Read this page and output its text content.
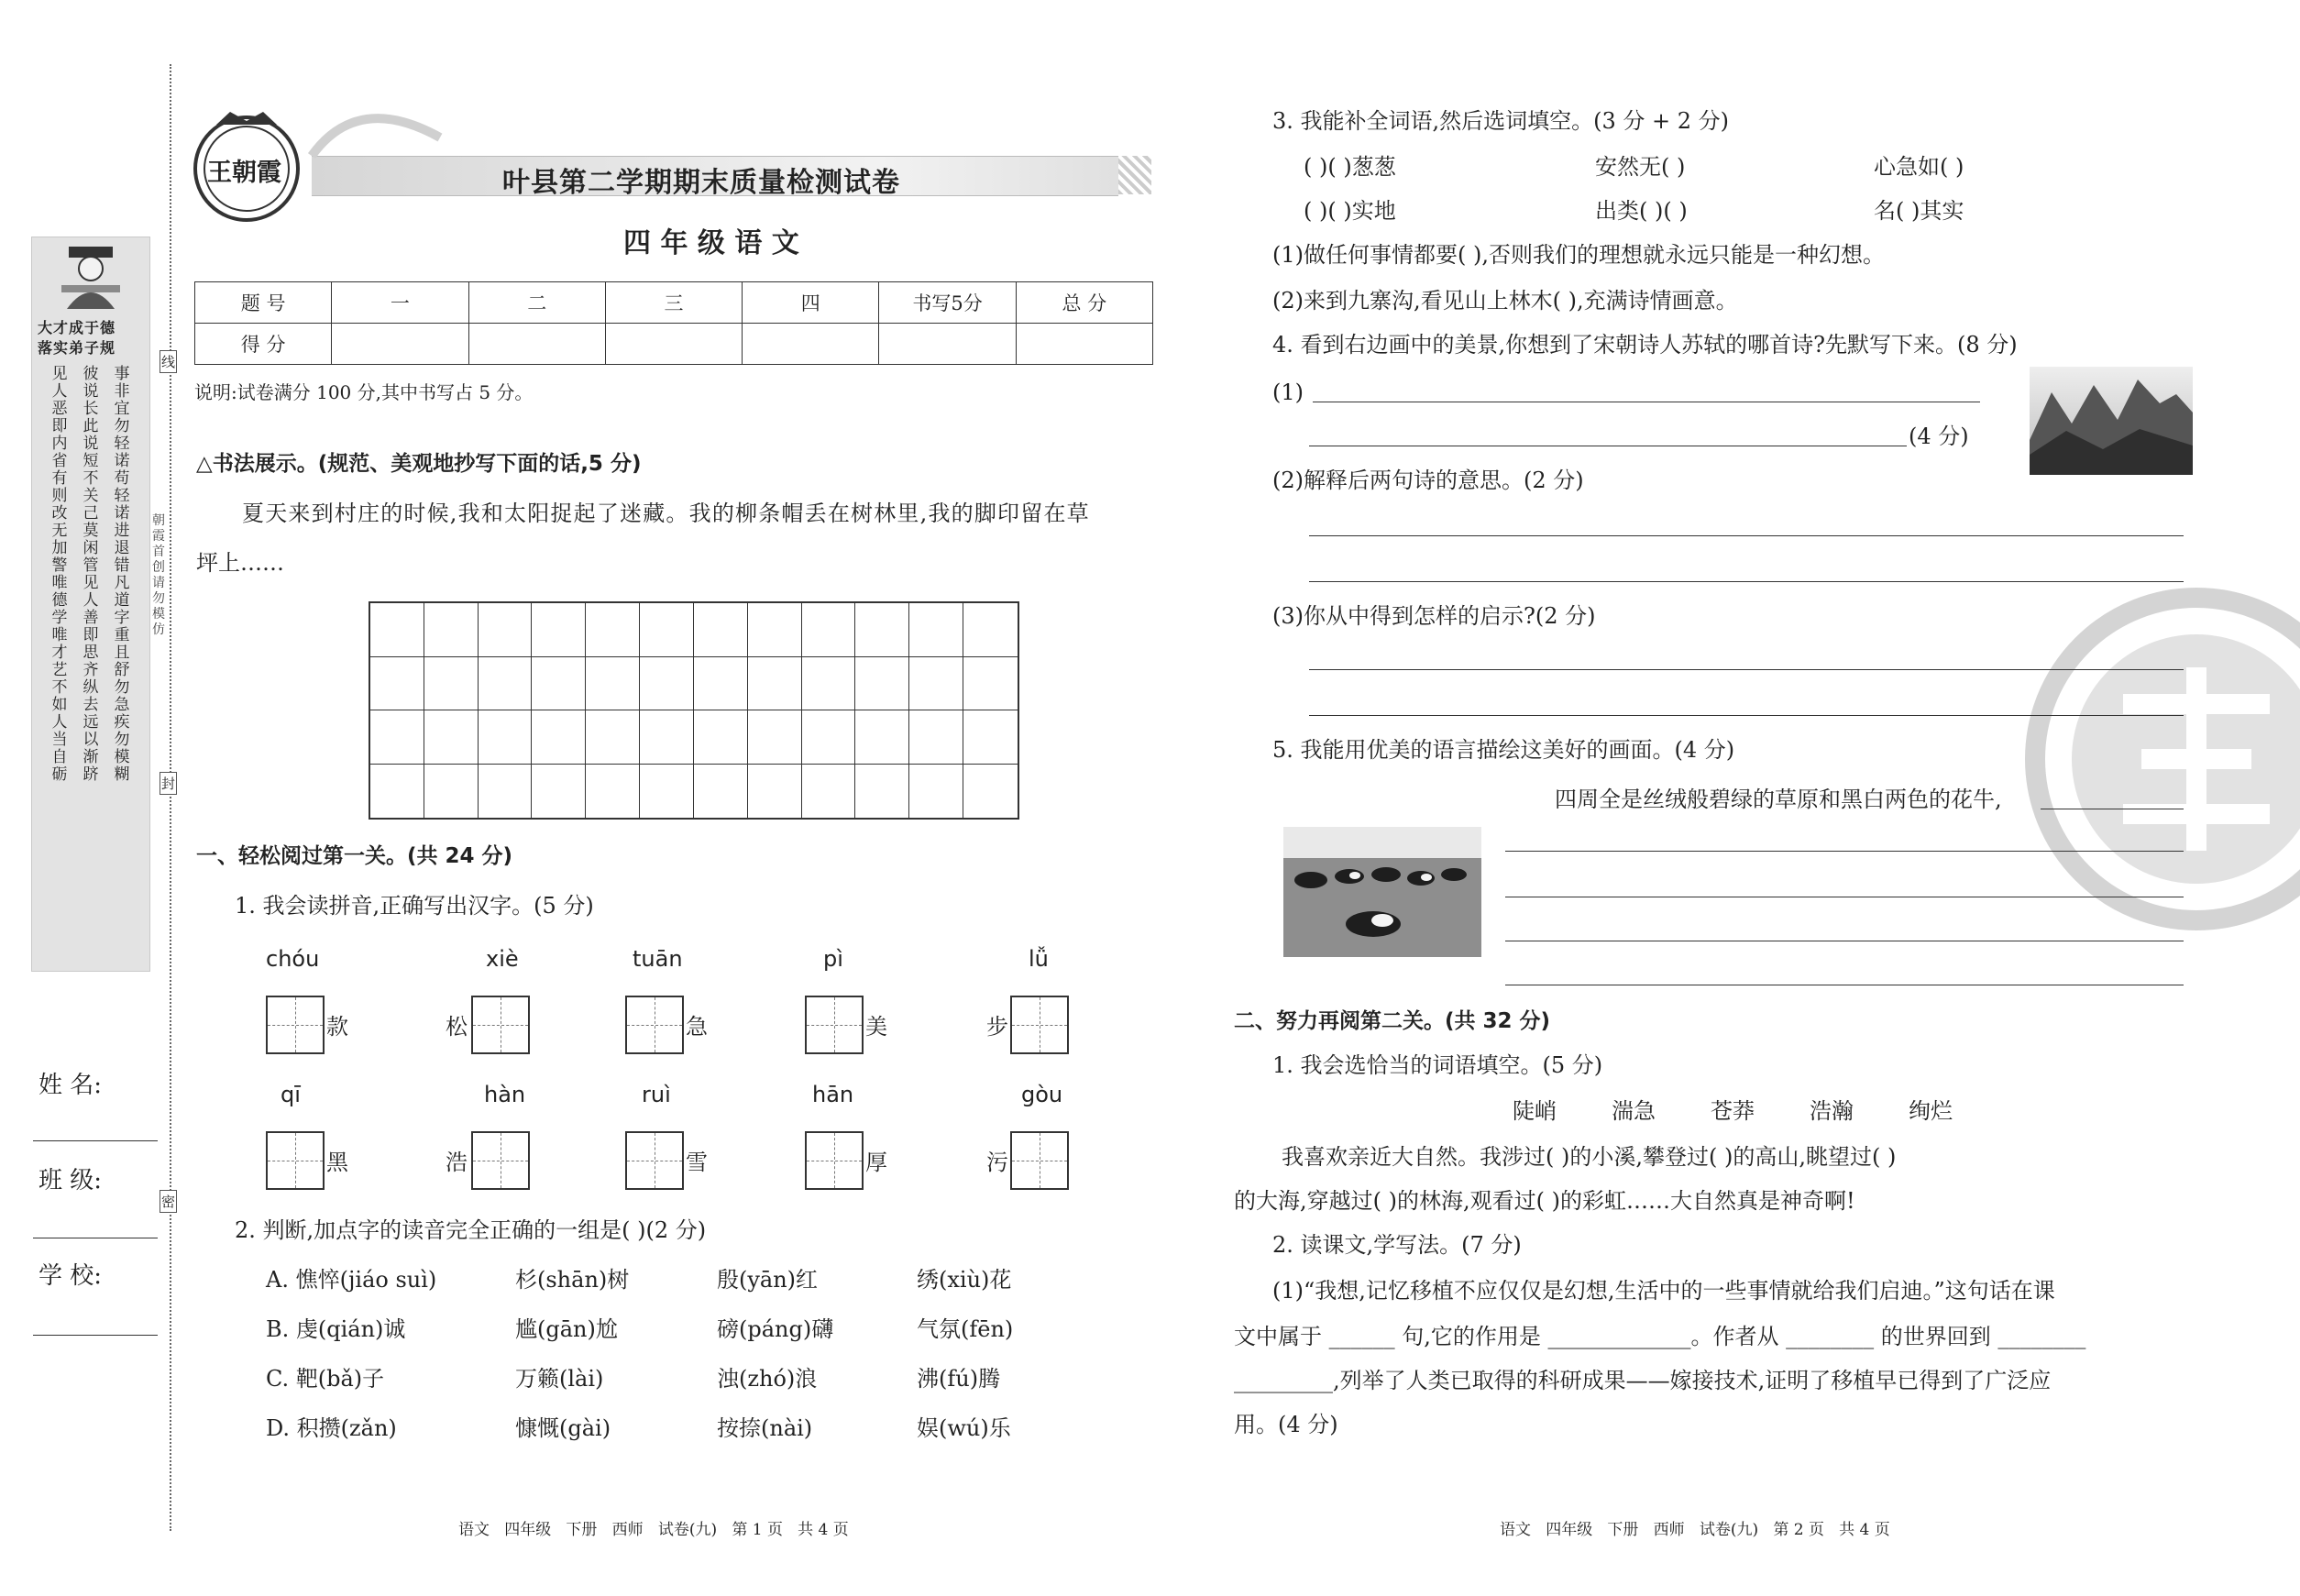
大才成于德
落实弟子规
见人恶即内省有则改无加警唯德学唯才艺不如人当自砺
彼说长此说短不关己莫闲管见人善即思齐纵去远以渐跻
事非宜勿轻诺苟轻诺进退错凡道字重且舒勿急疾勿模糊
姓 名:
班 级:
学 校:
线
封
密
朝霞首创 请勿模仿
王朝霞	叶县第二学期期末质量检测试卷
四 年 级 语 文
题 号	一	二	三	四	书写5分	总 分
得 分						
说明:试卷满分 100 分,其中书写占 5 分。
△书法展示。(规范、美观地抄写下面的话,5 分)
夏天来到村庄的时候,我和太阳捉起了迷藏。我的柳条帽丢在树林里,我的脚印留在草
坪上……
一、轻松阅过第一关。(共 24 分)
1. 我会读拼音,正确写出汉字。(5 分)
chóu	xiè	tuān	pì	lǚ
款	松	急	美	步
qī	hàn	ruì	hān	gòu
黑	浩	雪	厚	污
2. 判断,加点字的读音完全正确的一组是( )(2 分)
A. 憔悴(jiáo suì)	杉(shān)树	殷(yān)红	绣(xiù)花
B. 虔(qián)诚	尴(gān)尬	磅(páng)礴	气氛(fēn)
C. 靶(bǎ)子	万籁(lài)	浊(zhó)浪	沸(fú)腾
D. 积攒(zǎn)	慷慨(gài)	按捺(nài)	娱(wú)乐
语文   四年级   下册   西师   试卷(九)   第 1 页   共 4 页
3. 我能补全词语,然后选词填空。(3 分 + 2 分)
( )( )葱葱	安然无( )	心急如( )
( )( )实地	出类( )( )	名( )其实
(1)做任何事情都要( ),否则我们的理想就永远只能是一种幻想。
(2)来到九寨沟,看见山上林木( ),充满诗情画意。
4. 看到右边画中的美景,你想到了宋朝诗人苏轼的哪首诗?先默写下来。(8 分)
(1)
(4 分)
(2)解释后两句诗的意思。(2 分)
(3)你从中得到怎样的启示?(2 分)
5. 我能用优美的语言描绘这美好的画面。(4 分)
四周全是丝绒般碧绿的草原和黑白两色的花牛,
二、努力再阅第二关。(共 32 分)
1. 我会选恰当的词语填空。(5 分)
陡峭	湍急	苍莽	浩瀚	绚烂
我喜欢亲近大自然。我涉过( )的小溪,攀登过( )的高山,眺望过( )
的大海,穿越过( )的林海,观看过( )的彩虹……大自然真是神奇啊!
2. 读课文,学写法。(7 分)
(1)“我想,记忆移植不应仅仅是幻想,生活中的一些事情就给我们启迪。”这句话在课
文中属于 ______ 句,它的作用是 _____________。作者从 ________ 的世界回到 ________
_________,列举了人类已取得的科研成果——嫁接技术,证明了移植早已得到了广泛应
用。(4 分)
语文   四年级   下册   西师   试卷(九)   第 2 页   共 4 页
